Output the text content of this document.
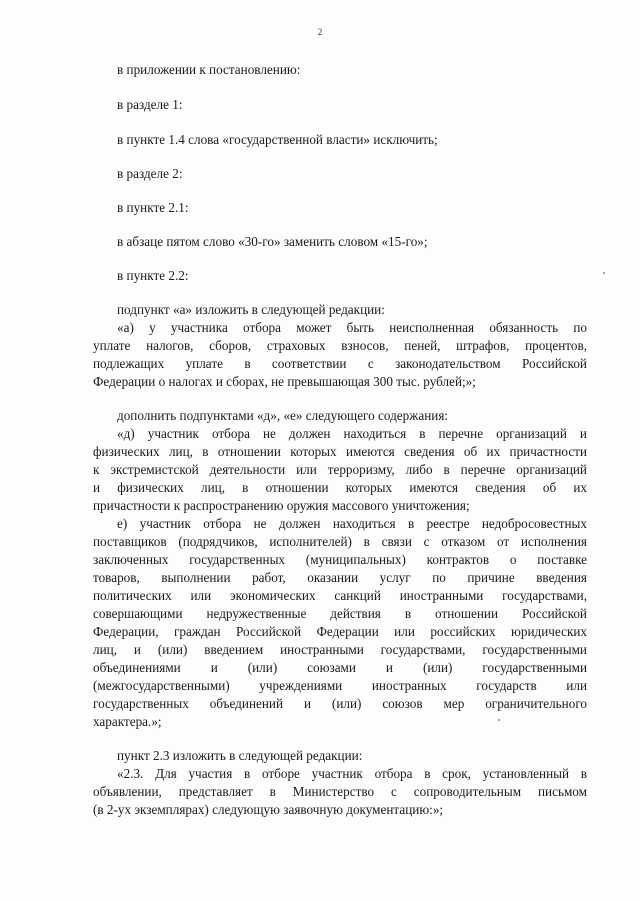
2
в приложении к постановлению:
в разделе 1:
в пункте 1.4 слова «государственной власти» исключить;
в разделе 2:
в пункте 2.1:
в абзаце пятом слово «30-го» заменить словом «15-го»;
в пункте 2.2:
подпункт «а» изложить в следующей редакции:
«а) у участника отбора может быть неисполненная обязанность по
уплате налогов, сборов, страховых взносов, пеней, штрафов, процентов,
подлежащих уплате в соответствии с законодательством Российской
Федерации о налогах и сборах, не превышающая 300 тыс. рублей;»;
дополнить подпунктами «д», «е» следующего содержания:
«д) участник отбора не должен находиться в перечне организаций и
физических лиц, в отношении которых имеются сведения об их причастности
к экстремистской деятельности или терроризму, либо в перечне организаций
и физических лиц, в отношении которых имеются сведения об их
причастности к распространению оружия массового уничтожения;
е) участник отбора не должен находиться в реестре недобросовестных
поставщиков (подрядчиков, исполнителей) в связи с отказом от исполнения
заключенных государственных (муниципальных) контрактов о поставке
товаров, выполнении работ, оказании услуг по причине введения
политических или экономических санкций иностранными государствами,
совершающими недружественные действия в отношении Российской
Федерации, граждан Российской Федерации или российских юридических
лиц, и (или) введением иностранными государствами, государственными
объединениями и (или) союзами и (или) государственными
(межгосударственными) учреждениями иностранных государств или
государственных объединений и (или) союзов мер ограничительного
характера.»;
пункт 2.3 изложить в следующей редакции:
«2.3. Для участия в отборе участник отбора в срок, установленный в
объявлении, представляет в Министерство с сопроводительным письмом
(в 2-ух экземплярах) следующую заявочную документацию:»;
